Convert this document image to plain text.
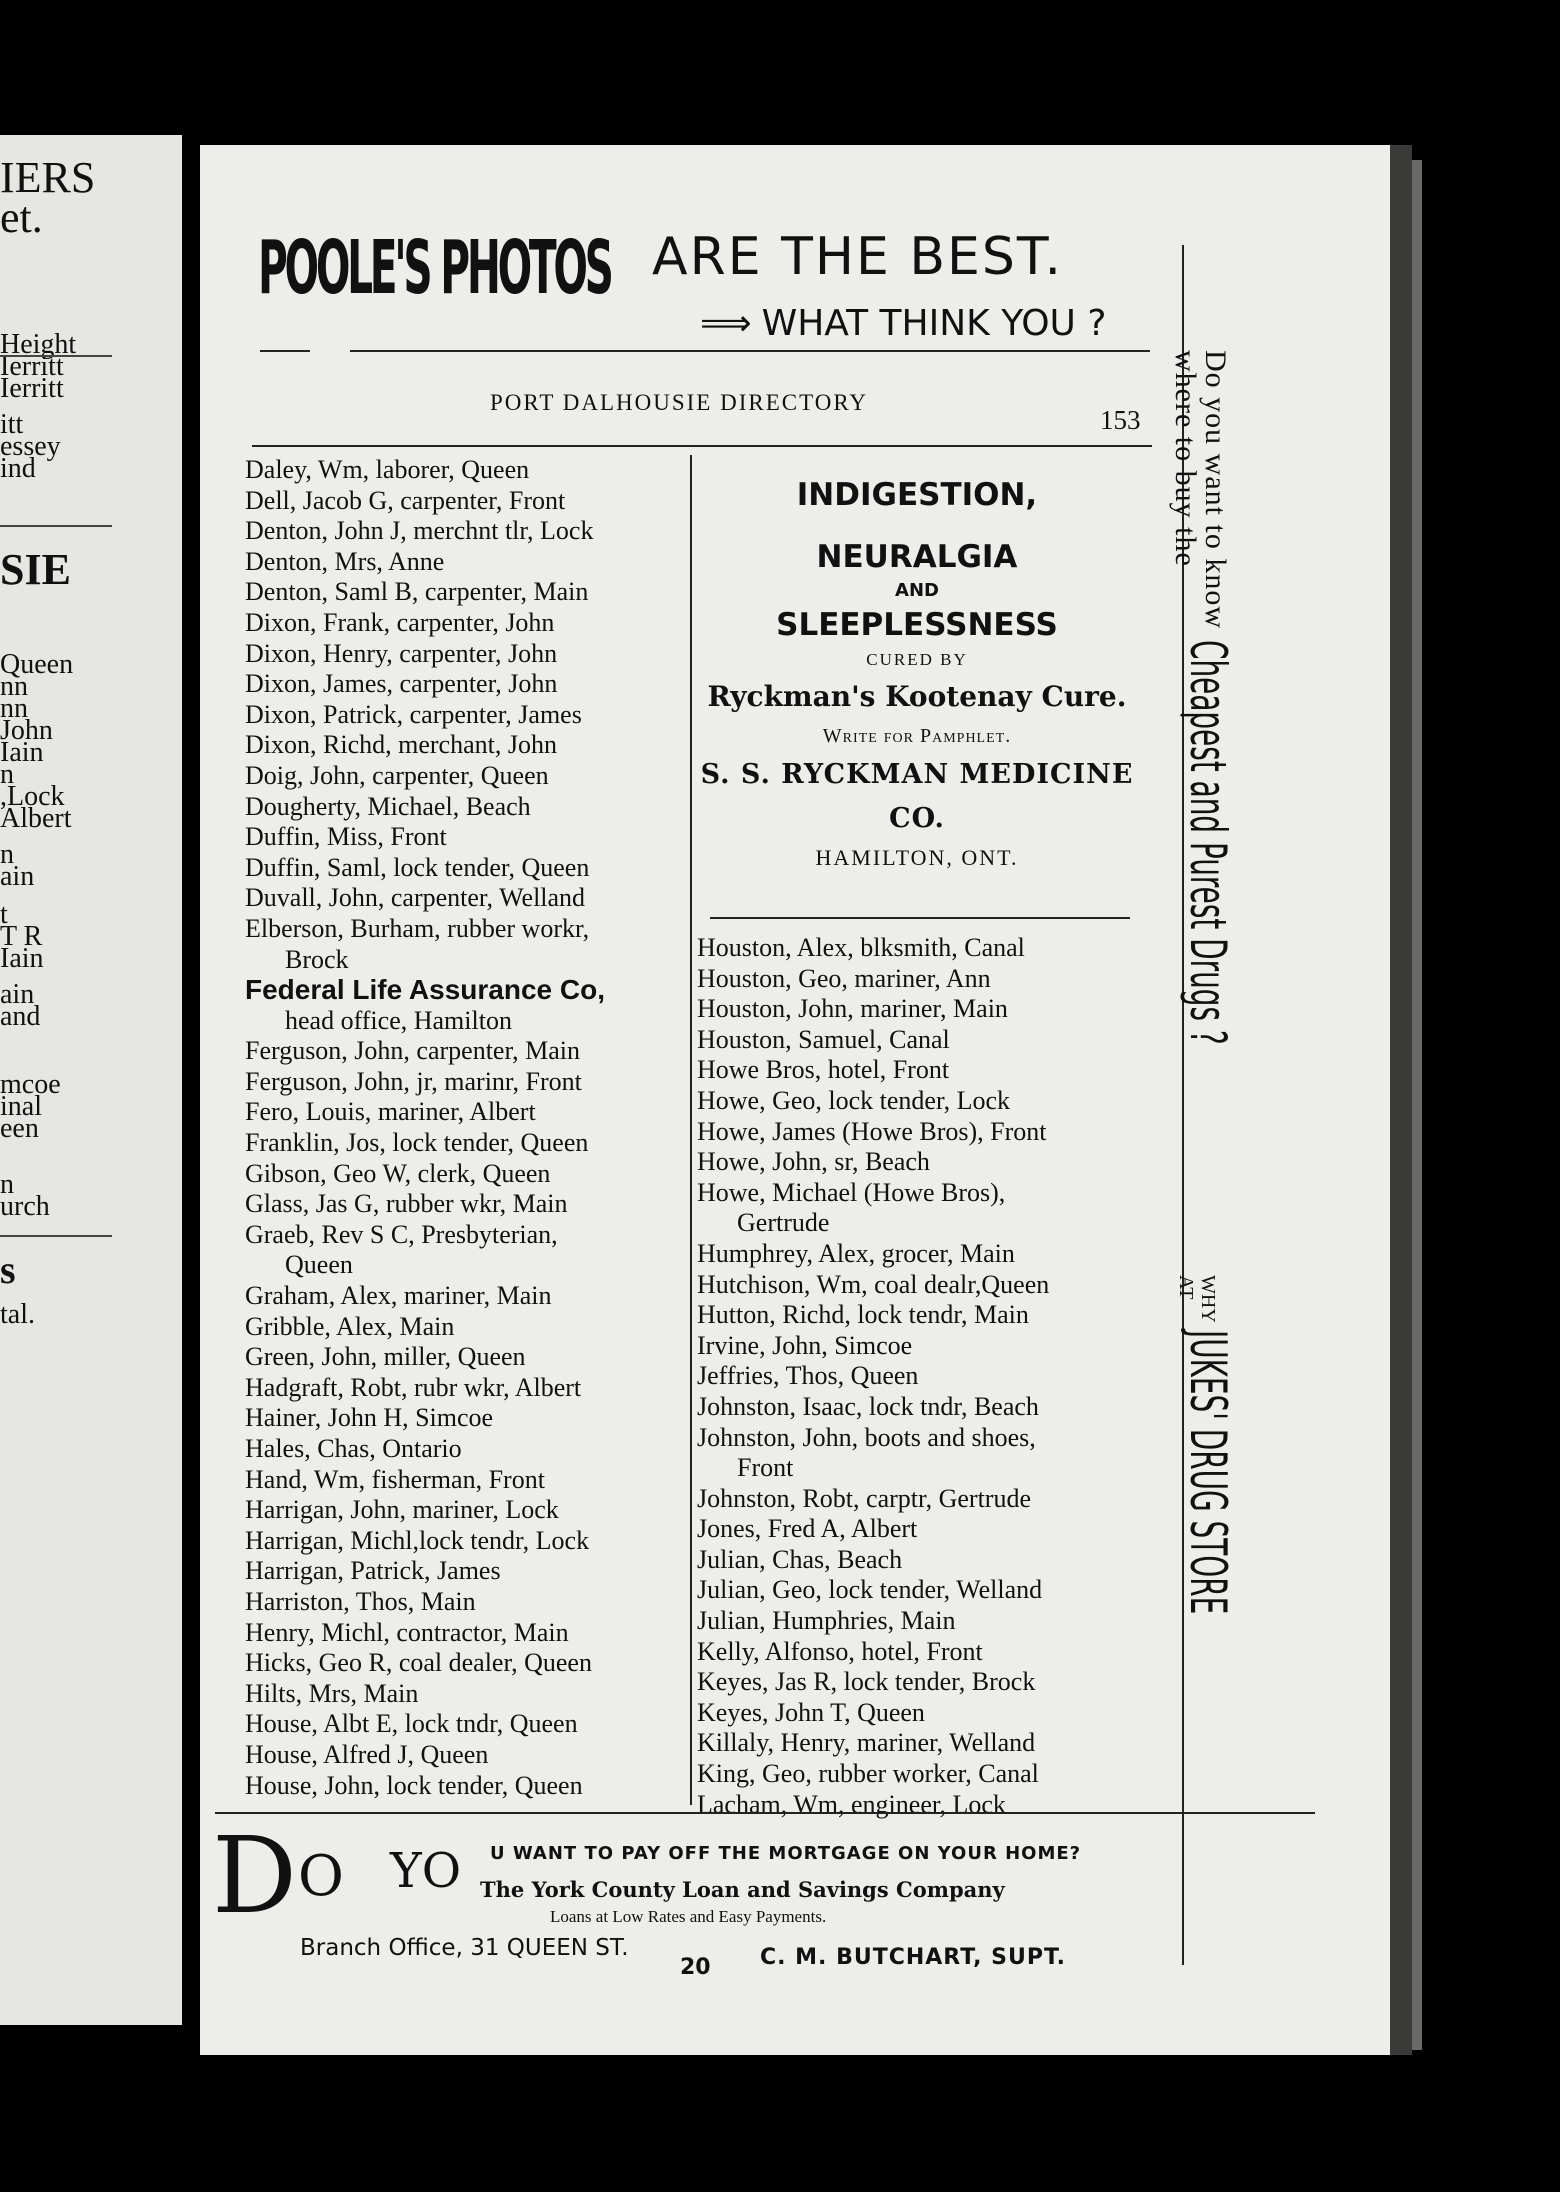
IERS
et.
Height
Ierritt
Ierritt
itt
essey
ind
SIE
Queen
nn
nn
John
Iain
n
,Lock
Albert
n
ain
t
T R
Iain
ain
and
mcoe
inal
een
n
urch
s
tal.
POOLE'S PHOTOS ARE THE BEST.
⟹ WHAT THINK YOU ?
PORT DALHOUSIE DIRECTORY
153
Daley, Wm, laborer, Queen
Dell, Jacob G, carpenter, Front
Denton, John J, merchnt tlr, Lock
Denton, Mrs, Anne
Denton, Saml B, carpenter, Main
Dixon, Frank, carpenter, John
Dixon, Henry, carpenter, John
Dixon, James, carpenter, John
Dixon, Patrick, carpenter, James
Dixon, Richd, merchant, John
Doig, John, carpenter, Queen
Dougherty, Michael, Beach
Duffin, Miss, Front
Duffin, Saml, lock tender, Queen
Duvall, John, carpenter, Welland
Elberson, Burham, rubber workr,
Brock
Federal Life Assurance Co,
head office, Hamilton
Ferguson, John, carpenter, Main
Ferguson, John, jr, marinr, Front
Fero, Louis, mariner, Albert
Franklin, Jos, lock tender, Queen
Gibson, Geo W, clerk, Queen
Glass, Jas G, rubber wkr, Main
Graeb, Rev S C, Presbyterian,
Queen
Graham, Alex, mariner, Main
Gribble, Alex, Main
Green, John, miller, Queen
Hadgraft, Robt, rubr wkr, Albert
Hainer, John H, Simcoe
Hales, Chas, Ontario
Hand, Wm, fisherman, Front
Harrigan, John, mariner, Lock
Harrigan, Michl,lock tendr, Lock
Harrigan, Patrick, James
Harriston, Thos, Main
Henry, Michl, contractor, Main
Hicks, Geo R, coal dealer, Queen
Hilts, Mrs, Main
House, Albt E, lock tndr, Queen
House, Alfred J, Queen
House, John, lock tender, Queen
INDIGESTION,
NEURALGIA
AND
SLEEPLESSNESS
CURED BY
Ryckman's Kootenay Cure.
Write for Pamphlet.
S. S. RYCKMAN MEDICINE CO.
HAMILTON, ONT.
Houston, Alex, blksmith, Canal
Houston, Geo, mariner, Ann
Houston, John, mariner, Main
Houston, Samuel, Canal
Howe Bros, hotel, Front
Howe, Geo, lock tender, Lock
Howe, James (Howe Bros), Front
Howe, John, sr, Beach
Howe, Michael (Howe Bros),
Gertrude
Humphrey, Alex, grocer, Main
Hutchison, Wm, coal dealr,Queen
Hutton, Richd, lock tendr, Main
Irvine, John, Simcoe
Jeffries, Thos, Queen
Johnston, Isaac, lock tndr, Beach
Johnston, John, boots and shoes,
Front
Johnston, Robt, carptr, Gertrude
Jones, Fred A, Albert
Julian, Chas, Beach
Julian, Geo, lock tender, Welland
Julian, Humphries, Main
Kelly, Alfonso, hotel, Front
Keyes, Jas R, lock tender, Brock
Keyes, John T, Queen
Killaly, Henry, mariner, Welland
King, Geo, rubber worker, Canal
Lacham, Wm, engineer, Lock
Do you want to know
where to buy the
Cheapest and Purest Drugs ?
WHY
AT
JUKES' DRUG STORE
D O YO U WANT TO PAY OFF THE MORTGAGE ON YOUR HOME?
The York County Loan and Savings Company
Loans at Low Rates and Easy Payments.
Branch Office, 31 QUEEN ST.
20 C. M. BUTCHART, SUPT.
